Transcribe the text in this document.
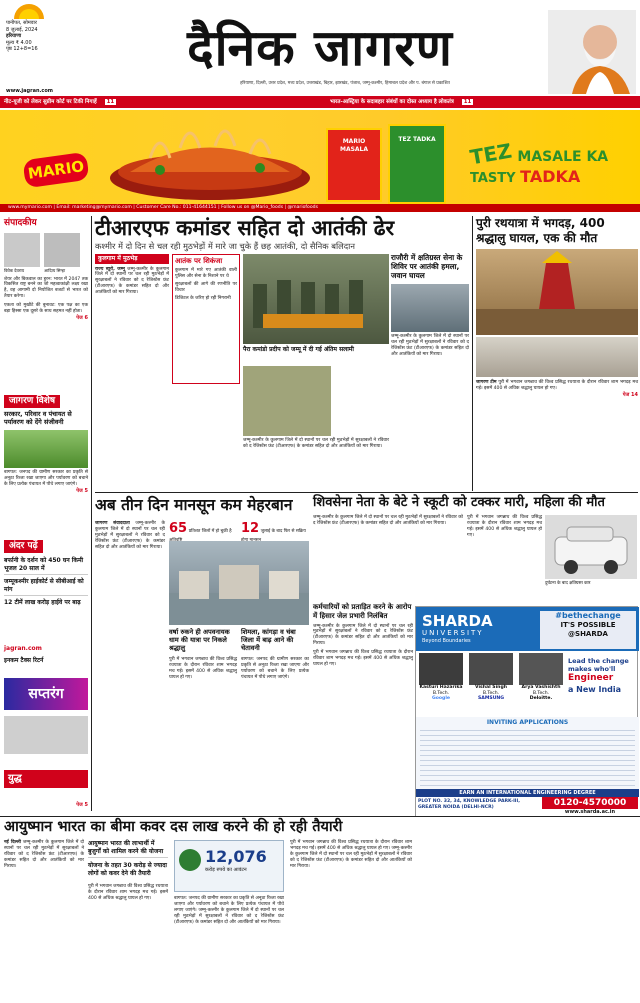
पानीपत, सोमवार
8 जुलाई, 2024
हरियाणा
मूल्य ₹ 4.00
पृष्ठ 12+8=16	दैनिक जागरण
हरियाणा, दिल्ली, उत्तर प्रदेश, मध्य प्रदेश, उत्तराखंड, बिहार, झारखंड, पंजाब, जम्मू-कश्मीर, हिमाचल प्रदेश और प. बंगाल से प्रकाशित
www.jagran.com
नीट-यूजी को लेकर सुप्रीम कोर्ट पर टिकी निगाहें 11	भारत-आस्ट्रिया के सदाबहार संबंधों का दोस्त अध्याय है लोकतंत्र 11
MARIO
MARIO MASALA
TEZ TADKA	TEZ MASALE KA
TASTY TADKA
www.mymario.com | Email: marketing@mymario.com | Customer Care No.: 011-41644151 | Follow us on @Mario_foods | @mariofoods
संपादकीय
विवेक देवराय	आदित्य सिन्हा
शेयर और बिकवाल का हुरन: भारत में 2047 तक विकसित राष्ट्र बनने का जो महत्वाकांक्षी लक्ष्य रखा है, वह आगामी दो नियोजित बजटों से भारत को तैयार करेगा।
एकता को मुखौटे की बुनावट: एक पक्ष का एक बड़ा हिस्सा एक दूसरे के साथ सहमत नहीं होता।
पेज 6
जागरण विशेष
सरकार, परिवार व पंचायत से पर्यावरण को देंगे संजीवनी
बागपत: जनपद की ग्रामीण सरकार का प्रकृति से अनूठा रिश्ता रखा जाएगा और पर्यावरण को बचाने के लिए प्रत्येक पंचायत में पौधे लगाए जाएंगे।
पेज 5
अंदर पढ़ें
बर्फानी के दर्शन को 450 घन किमी भूजल 20 साल में
जम्मूकश्मीर हाईकोर्ट से सीबीआई को मांग
12 टीमें लाख करोड़ हाईवे पर बाढ़
jagran.com
इनकम टैक्स रिटर्न
सप्तरंग
युद्ध
पेज 5
टीआरएफ कमांडर सहित दो आतंकी ढेर
कश्मीर में दो दिन से चल रही मुठभेड़ों में मारे जा चुके हैं छह आतंकी, दो सैनिक बलिदान
कुलगाम में मुठभेड़
राज्य ब्यूरो, जम्मू जम्मू-कश्मीर के कुलगाम जिले में दो स्थानों पर चल रही मुठभेड़ों में सुरक्षाबलों ने रविवार को द रेजिस्टेंस फ्रंट (टीआरएफ) के कमांडर सहित दो और आतंकियों को मार गिराया।
आतंक पर शिकंजा
कुलगाम में मारे गए आतंकी वाली पुलिस और सेना के निशाने पर थे
सुरक्षाबलों की आगे की रणनीति पर विचार
डिजिटल के जरिए हो रही निगरानी
पैरा कमांडो प्रदीप को जम्मू में दी गई अंतिम सलामी
जम्मू-कश्मीर के कुलगाम जिले में दो स्थानों पर चल रही मुठभेड़ों में सुरक्षाबलों ने रविवार को द रेजिस्टेंस फ्रंट (टीआरएफ) के कमांडर सहित दो और आतंकियों को मार गिराया।
राजौरी में क्षतिग्रस्त सेना के शिविर पर आतंकी हमला, जवान घायल
जम्मू-कश्मीर के कुलगाम जिले में दो स्थानों पर चल रही मुठभेड़ों में सुरक्षाबलों ने रविवार को द रेजिस्टेंस फ्रंट (टीआरएफ) के कमांडर सहित दो और आतंकियों को मार गिराया।
पुरी रथयात्रा में भगदड़, 400 श्रद्धालु घायल, एक की मौत
जागरण टीम पुरी में भगवान जगन्नाथ की विश्व प्रसिद्ध रथयात्रा के दौरान रविवार शाम भगदड़ मच गई। इसमें 400 से अधिक श्रद्धालु घायल हो गए।
पेज 14
अब तीन दिन मानसून कम मेहरबान
जागरण संवाददाता जम्मू-कश्मीर के कुलगाम जिले में दो स्थानों पर चल रही मुठभेड़ों में सुरक्षाबलों ने रविवार को द रेजिस्टेंस फ्रंट (टीआरएफ) के कमांडर सहित दो और आतंकियों को मार गिराया।
65 प्रतिशत जिलों में हो चुकी है 12 जुलाई के बाद फिर से सक्रिय
वर्षा रुकने ही अपवनायक धाम की यात्रा पर निकले श्रद्धालु
शिमला, कांगड़ा व चंबा जिला में बाढ़ आने की चेतावनी
पुरी में भगवान जगन्नाथ की विश्व प्रसिद्ध रथयात्रा के दौरान रविवार शाम भगदड़ मच गई। इसमें 400 से अधिक श्रद्धालु घायल हो गए।
बागपत: जनपद की ग्रामीण सरकार का प्रकृति से अनूठा रिश्ता रखा जाएगा और पर्यावरण को बचाने के लिए प्रत्येक पंचायत में पौधे लगाए जाएंगे।
शिवसेना नेता के बेटे ने स्कूटी को टक्कर मारी, महिला की मौत
जम्मू-कश्मीर के कुलगाम जिले में दो स्थानों पर चल रही मुठभेड़ों में सुरक्षाबलों ने रविवार को द रेजिस्टेंस फ्रंट (टीआरएफ) के कमांडर सहित दो और आतंकियों को मार गिराया।
दुर्घटना के बाद क्षतिग्रस्त कार
पुरी में भगवान जगन्नाथ की विश्व प्रसिद्ध रथयात्रा के दौरान रविवार शाम भगदड़ मच गई। इसमें 400 से अधिक श्रद्धालु घायल हो गए।
कर्मचारियों को प्रताड़ित करने के आरोप में हिसार जेल प्रभारी निलंबित
जम्मू-कश्मीर के कुलगाम जिले में दो स्थानों पर चल रही मुठभेड़ों में सुरक्षाबलों ने रविवार को द रेजिस्टेंस फ्रंट (टीआरएफ) के कमांडर सहित दो और आतंकियों को मार गिराया।
पुरी में भगवान जगन्नाथ की विश्व प्रसिद्ध रथयात्रा के दौरान रविवार शाम भगदड़ मच गई। इसमें 400 से अधिक श्रद्धालु घायल हो गए।
SHARDA
UNIVERSITY
Beyond Boundaries
#bethechange
IT'S POSSIBLE
@SHARDA
Kasturi Hazarika
B.Tech.
Google
Vishal Singh
B.Tech.
SAMSUNG
Arya Vashishth
B.Tech.
Deloitte.
Lead the change
makes who'll
Engineer
a New India
INVITING APPLICATIONS
EARN AN INTERNATIONAL ENGINEERING DEGREE
PLOT NO. 32, 34, KNOWLEDGE PARK-III, GREATER NOIDA (DELHI-NCR)	0120-4570000
www.sharda.ac.in
आयुष्मान भारत का बीमा कवर दस लाख करने की हो रही तैयारी
नई दिल्ली जम्मू-कश्मीर के कुलगाम जिले में दो स्थानों पर चल रही मुठभेड़ों में सुरक्षाबलों ने रविवार को द रेजिस्टेंस फ्रंट (टीआरएफ) के कमांडर सहित दो और आतंकियों को मार गिराया।
आयुष्मान भारत की लाभार्थी में बुजुर्गों को शामिल करने की योजना
योजना के तहत 30 करोड़ से ज्यादा लोगों को कवर देने की तैयारी
पुरी में भगवान जगन्नाथ की विश्व प्रसिद्ध रथयात्रा के दौरान रविवार शाम भगदड़ मच गई। इसमें 400 से अधिक श्रद्धालु घायल हो गए।
12,076
करोड़ रुपये का आवंटन
बागपत: जनपद की ग्रामीण सरकार का प्रकृति से अनूठा रिश्ता रखा जाएगा और पर्यावरण को बचाने के लिए प्रत्येक पंचायत में पौधे लगाए जाएंगे। जम्मू-कश्मीर के कुलगाम जिले में दो स्थानों पर चल रही मुठभेड़ों में सुरक्षाबलों ने रविवार को द रेजिस्टेंस फ्रंट (टीआरएफ) के कमांडर सहित दो और आतंकियों को मार गिराया।
पुरी में भगवान जगन्नाथ की विश्व प्रसिद्ध रथयात्रा के दौरान रविवार शाम भगदड़ मच गई। इसमें 400 से अधिक श्रद्धालु घायल हो गए। जम्मू-कश्मीर के कुलगाम जिले में दो स्थानों पर चल रही मुठभेड़ों में सुरक्षाबलों ने रविवार को द रेजिस्टेंस फ्रंट (टीआरएफ) के कमांडर सहित दो और आतंकियों को मार गिराया।
